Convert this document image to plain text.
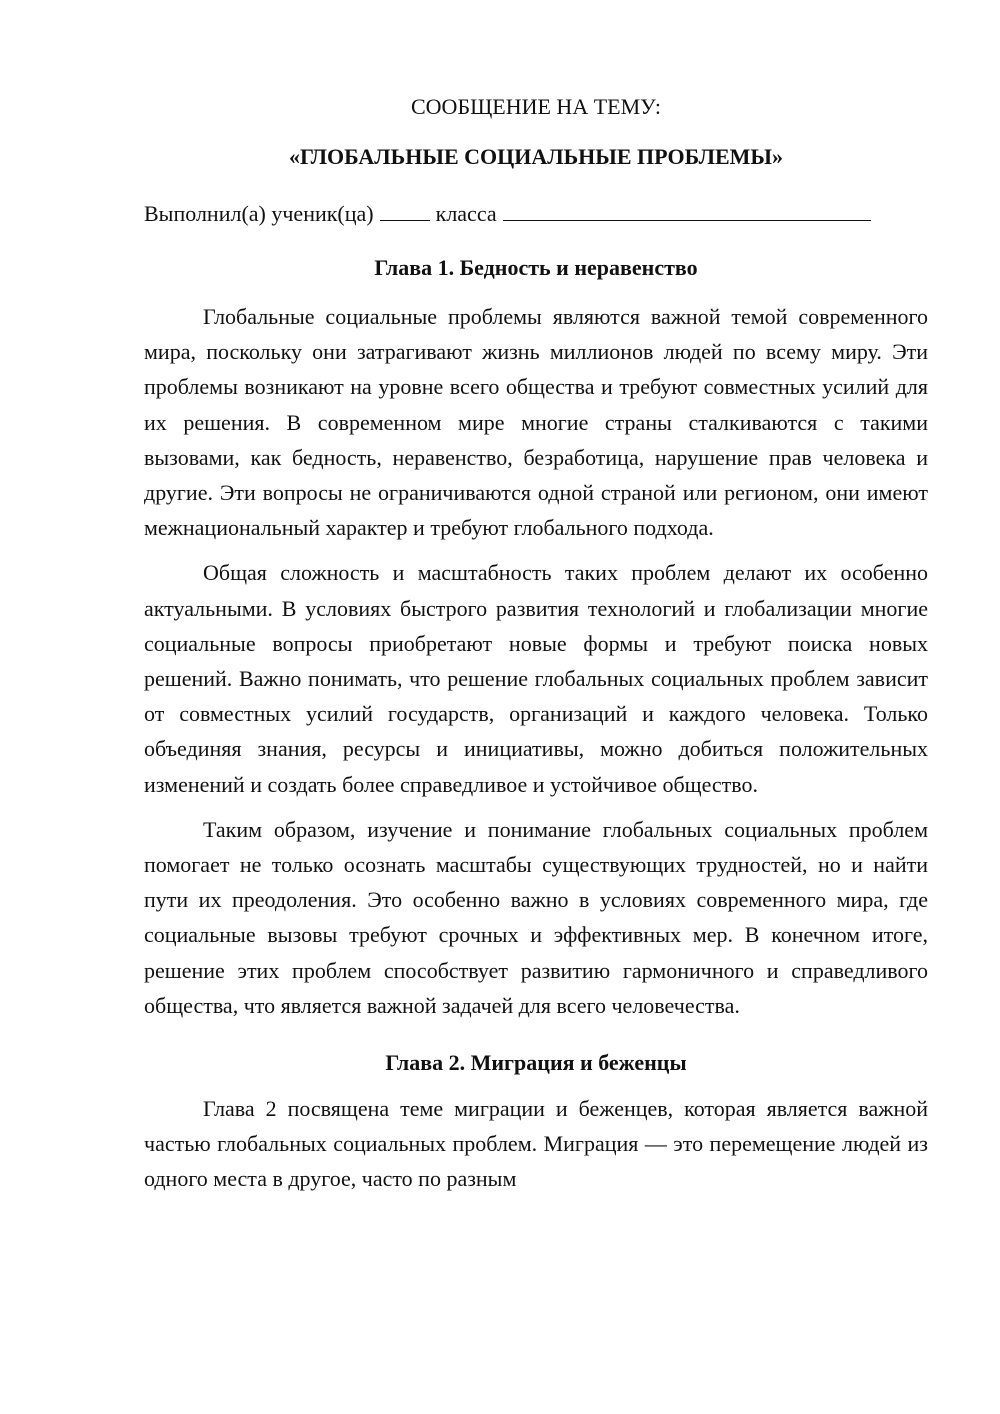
СООБЩЕНИЕ НА ТЕМУ:

«ГЛОБАЛЬНЫЕ СОЦИАЛЬНЫЕ ПРОБЛЕМЫ»

Выполнил(а) ученик(ца)	класса
Глава 1. Бедность и неравенство

Глобальные социальные проблемы являются важной темой современного мира, поскольку они затрагивают жизнь миллионов людей по всему миру. Эти проблемы возникают на уровне всего общества и требуют совместных усилий для их решения. В современном мире многие страны сталкиваются с такими вызовами, как бедность, неравенство, безработица, нарушение прав человека и другие. Эти вопросы не ограничиваются одной страной или регионом, они имеют межнациональный характер и требуют глобального подхода.

Общая сложность и масштабность таких проблем делают их особенно актуальными. В условиях быстрого развития технологий и глобализации многие социальные вопросы приобретают новые формы и требуют поиска новых решений. Важно понимать, что решение глобальных социальных проблем зависит от совместных усилий государств, организаций и каждого человека. Только объединяя знания, ресурсы и инициативы, можно добиться положительных изменений и создать более справедливое и устойчивое общество.

Таким образом, изучение и понимание глобальных социальных проблем помогает не только осознать масштабы существующих трудностей, но и найти пути их преодоления. Это особенно важно в условиях современного мира, где социальные вызовы требуют срочных и эффективных мер. В конечном итоге, решение этих проблем способствует развитию гармоничного и справедливого общества, что является важной задачей для всего человечества.

Глава 2. Миграция и беженцы

Глава 2 посвящена теме миграции и беженцев, которая является важной частью глобальных социальных проблем. Миграция — это перемещение людей из одного места в другое, часто по разным
